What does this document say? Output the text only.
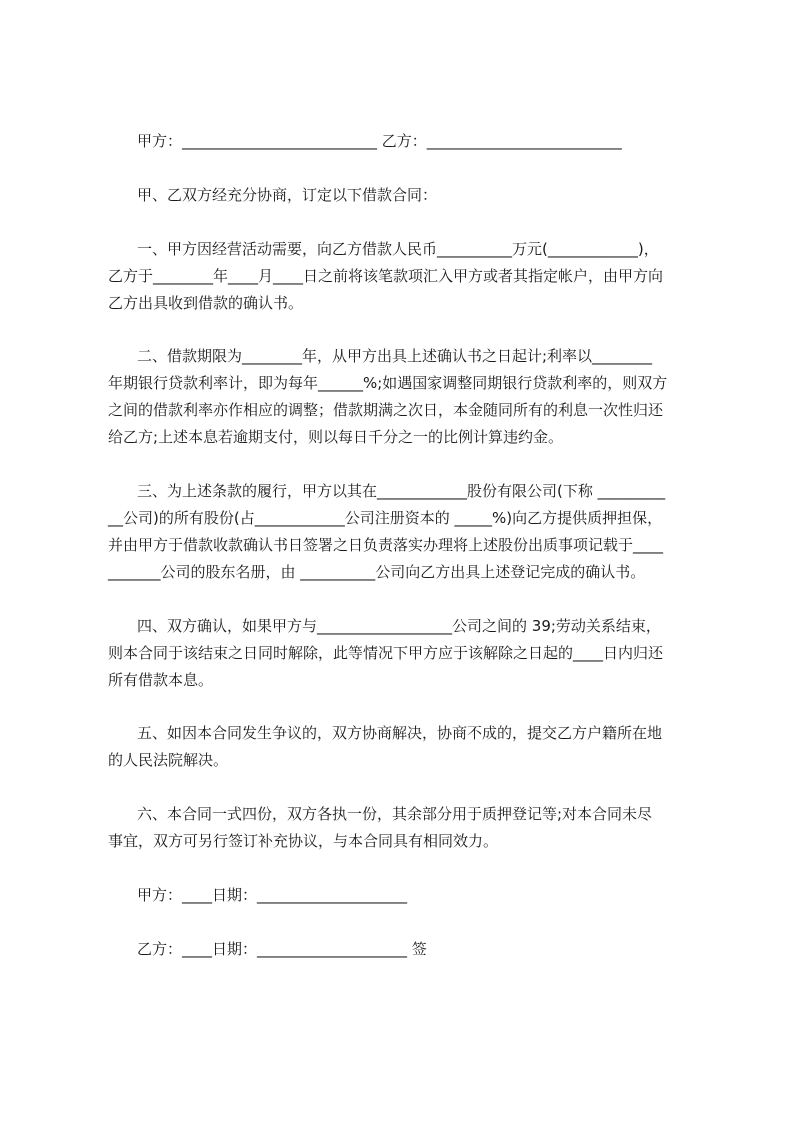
甲方：__________________________ 乙方：__________________________

甲、乙双方经充分协商，订定以下借款合同：

一、甲方因经营活动需要，向乙方借款人民币__________万元(____________)，

乙方于________年____月____日之前将该笔款项汇入甲方或者其指定帐户，由甲方向

乙方出具收到借款的确认书。

二、借款期限为________年，从甲方出具上述确认书之日起计;利率以________

年期银行贷款利率计，即为每年______%;如遇国家调整同期银行贷款利率的，则双方

之间的借款利率亦作相应的调整；借款期满之次日，本金随同所有的利息一次性归还

给乙方;上述本息若逾期支付，则以每日千分之一的比例计算违约金。

三、为上述条款的履行，甲方以其在____________股份有限公司(下称 _________

__公司)的所有股份(占____________公司注册资本的 _____%)向乙方提供质押担保，

并由甲方于借款收款确认书日签署之日负责落实办理将上述股份出质事项记载于____

_______公司的股东名册，由 __________公司向乙方出具上述登记完成的确认书。

四、双方确认，如果甲方与__________________公司之间的 39;劳动关系结束，

则本合同于该结束之日同时解除，此等情况下甲方应于该解除之日起的____日内归还

所有借款本息。

五、如因本合同发生争议的，双方协商解决，协商不成的，提交乙方户籍所在地

的人民法院解决。

六、本合同一式四份，双方各执一份，其余部分用于质押登记等;对本合同未尽

事宜，双方可另行签订补充协议，与本合同具有相同效力。

甲方：____日期：____________________

乙方：____日期：____________________ 签
